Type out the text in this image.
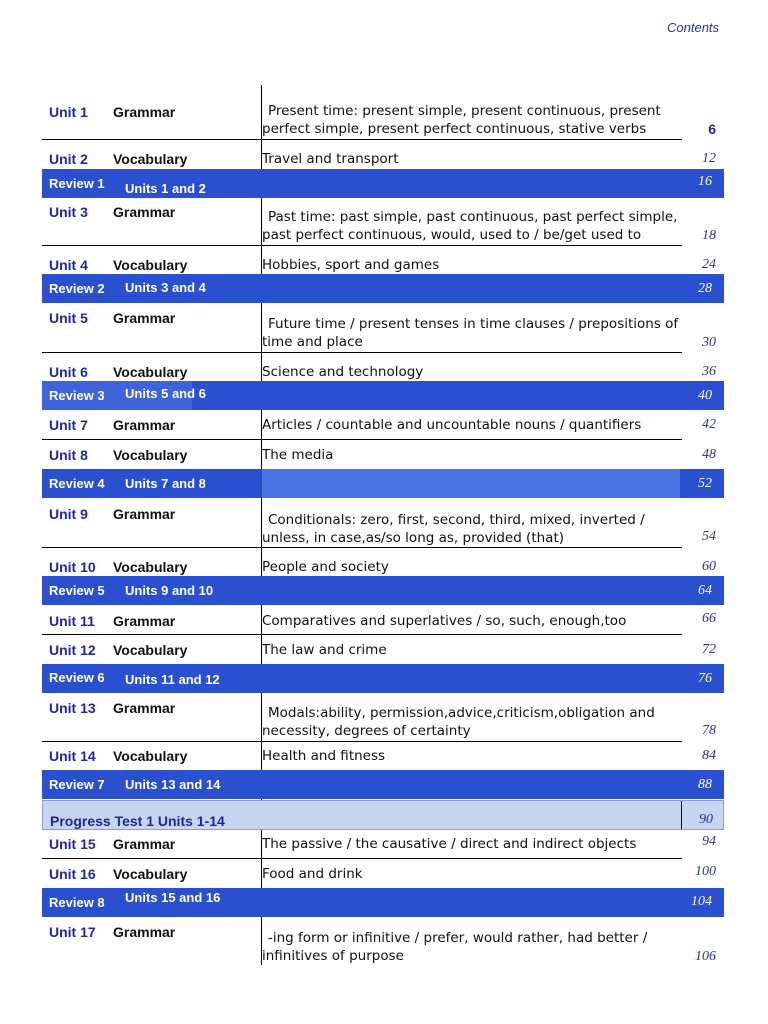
Contents
Unit 1 Grammar	Present time: present simple, present continuous, present perfect simple, present perfect continuous, stative verbs	6
Unit 2 Vocabulary	Travel and transport	12
Review 1 Units 1 and 2	16
Unit 3 Grammar	Past time: past simple, past continuous, past perfect simple, past perfect continuous, would, used to / be/get used to	18
Unit 4 Vocabulary	Hobbies, sport and games	24
Review 2 Units 3 and 4	28
Unit 5 Grammar	Future time / present tenses in time clauses / prepositions of time and place	30
Unit 6 Vocabulary	Science and technology	36
Review 3 Units 5 and 6	40
Unit 7 Grammar	Articles / countable and uncountable nouns / quantifiers	42
Unit 8 Vocabulary	The media	48
Review 4 Units 7 and 8	52
Unit 9 Grammar	Conditionals: zero, first, second, third, mixed, inverted / unless, in case,as/so long as, provided (that)	54
Unit 10 Vocabulary	People and society	60
Review 5 Units 9 and 10	64
Unit 11 Grammar	Comparatives and superlatives / so, such, enough,too	66
Unit 12 Vocabulary	The law and crime	72
Review 6 Units 11 and 12	76
Unit 13 Grammar	Modals:ability, permission,advice,criticism,obligation and necessity, degrees of certainty	78
Unit 14 Vocabulary	Health and fitness	84
Review 7 Units 13 and 14	88
Progress Test 1 Units 1-14	90
Unit 15 Grammar	The passive / the causative / direct and indirect objects	94
Unit 16 Vocabulary	Food and drink	100
Review 8 Units 15 and 16	104
Unit 17 Grammar	-ing form or infinitive / prefer, would rather, had better / infinitives of purpose	106
